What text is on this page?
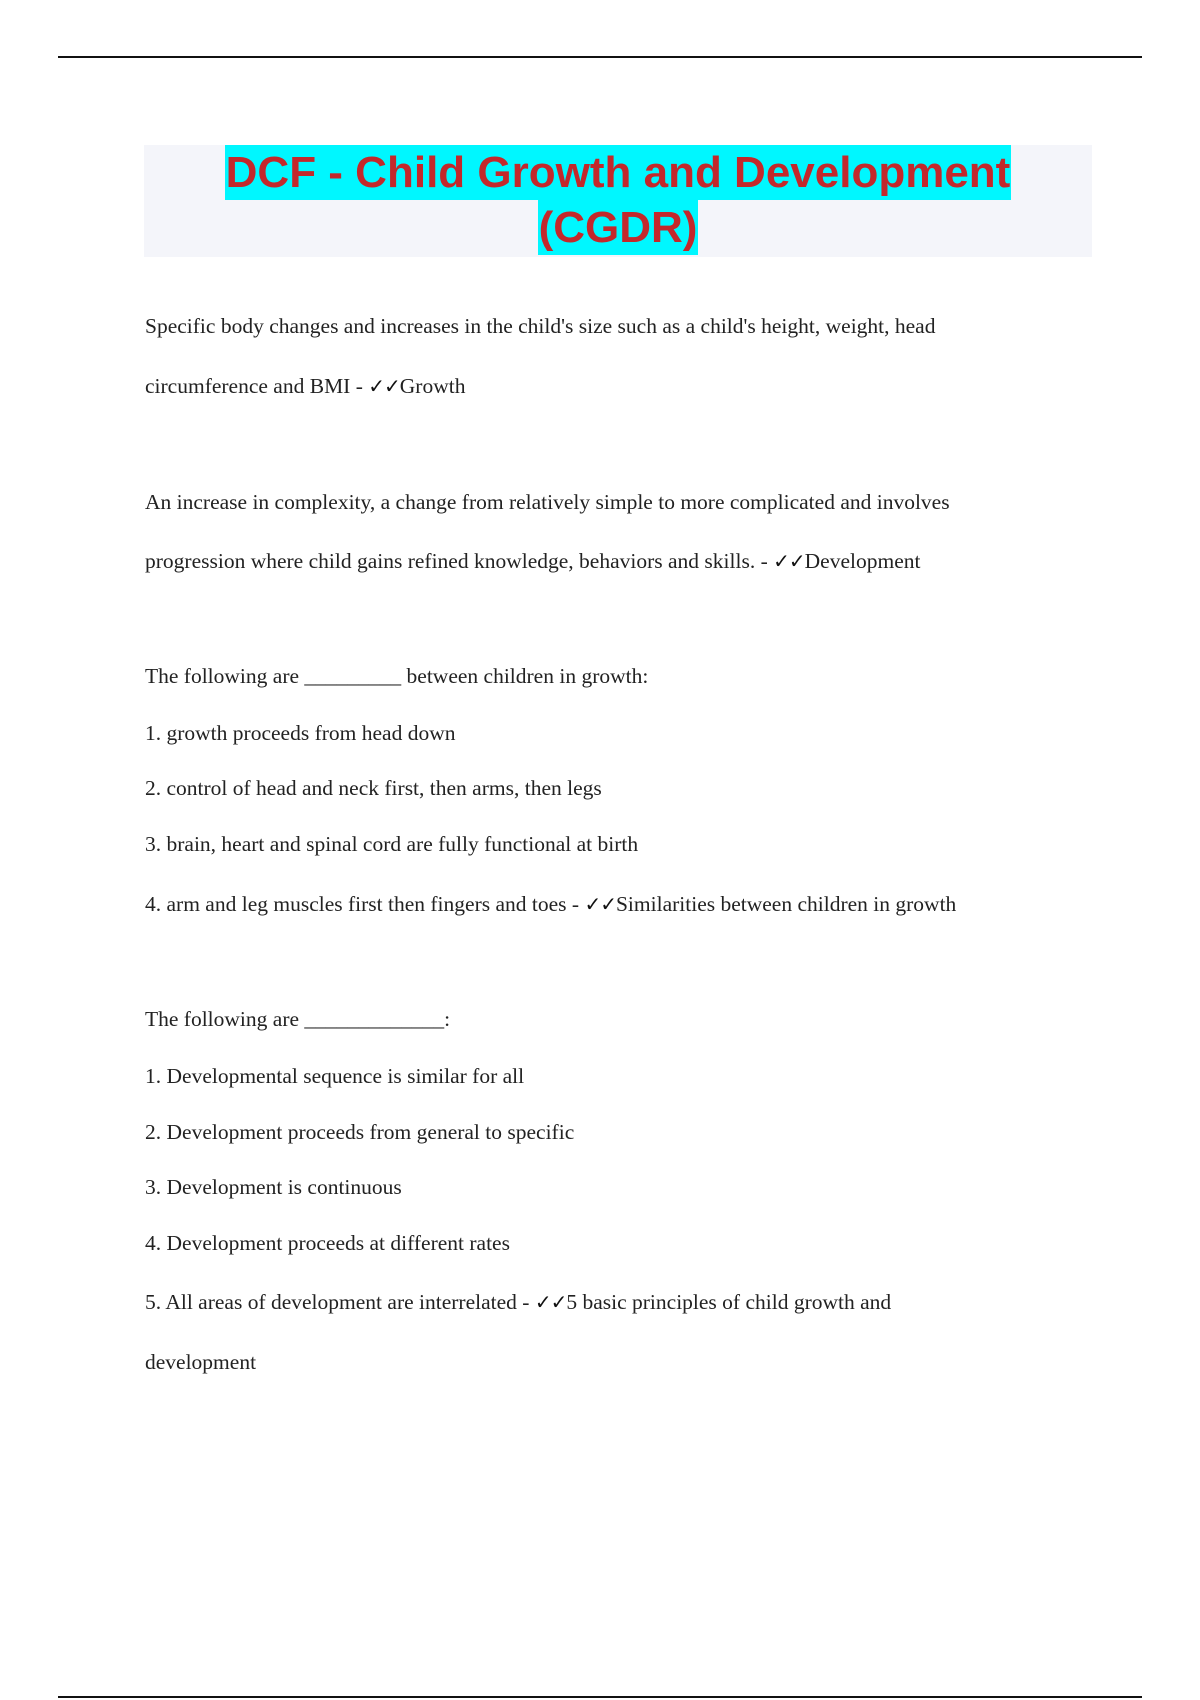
DCF - Child Growth and Development
(CGDR)
Specific body changes and increases in the child's size such as a child's height, weight, head
circumference and BMI - ✓✓Growth
An increase in complexity, a change from relatively simple to more complicated and involves
progression where child gains refined knowledge, behaviors and skills. - ✓✓Development
The following are _________ between children in growth:
1. growth proceeds from head down
2. control of head and neck first, then arms, then legs
3. brain, heart and spinal cord are fully functional at birth
4. arm and leg muscles first then fingers and toes - ✓✓Similarities between children in growth
The following are _____________:
1. Developmental sequence is similar for all
2. Development proceeds from general to specific
3. Development is continuous
4. Development proceeds at different rates
5. All areas of development are interrelated - ✓✓5 basic principles of child growth and
development
